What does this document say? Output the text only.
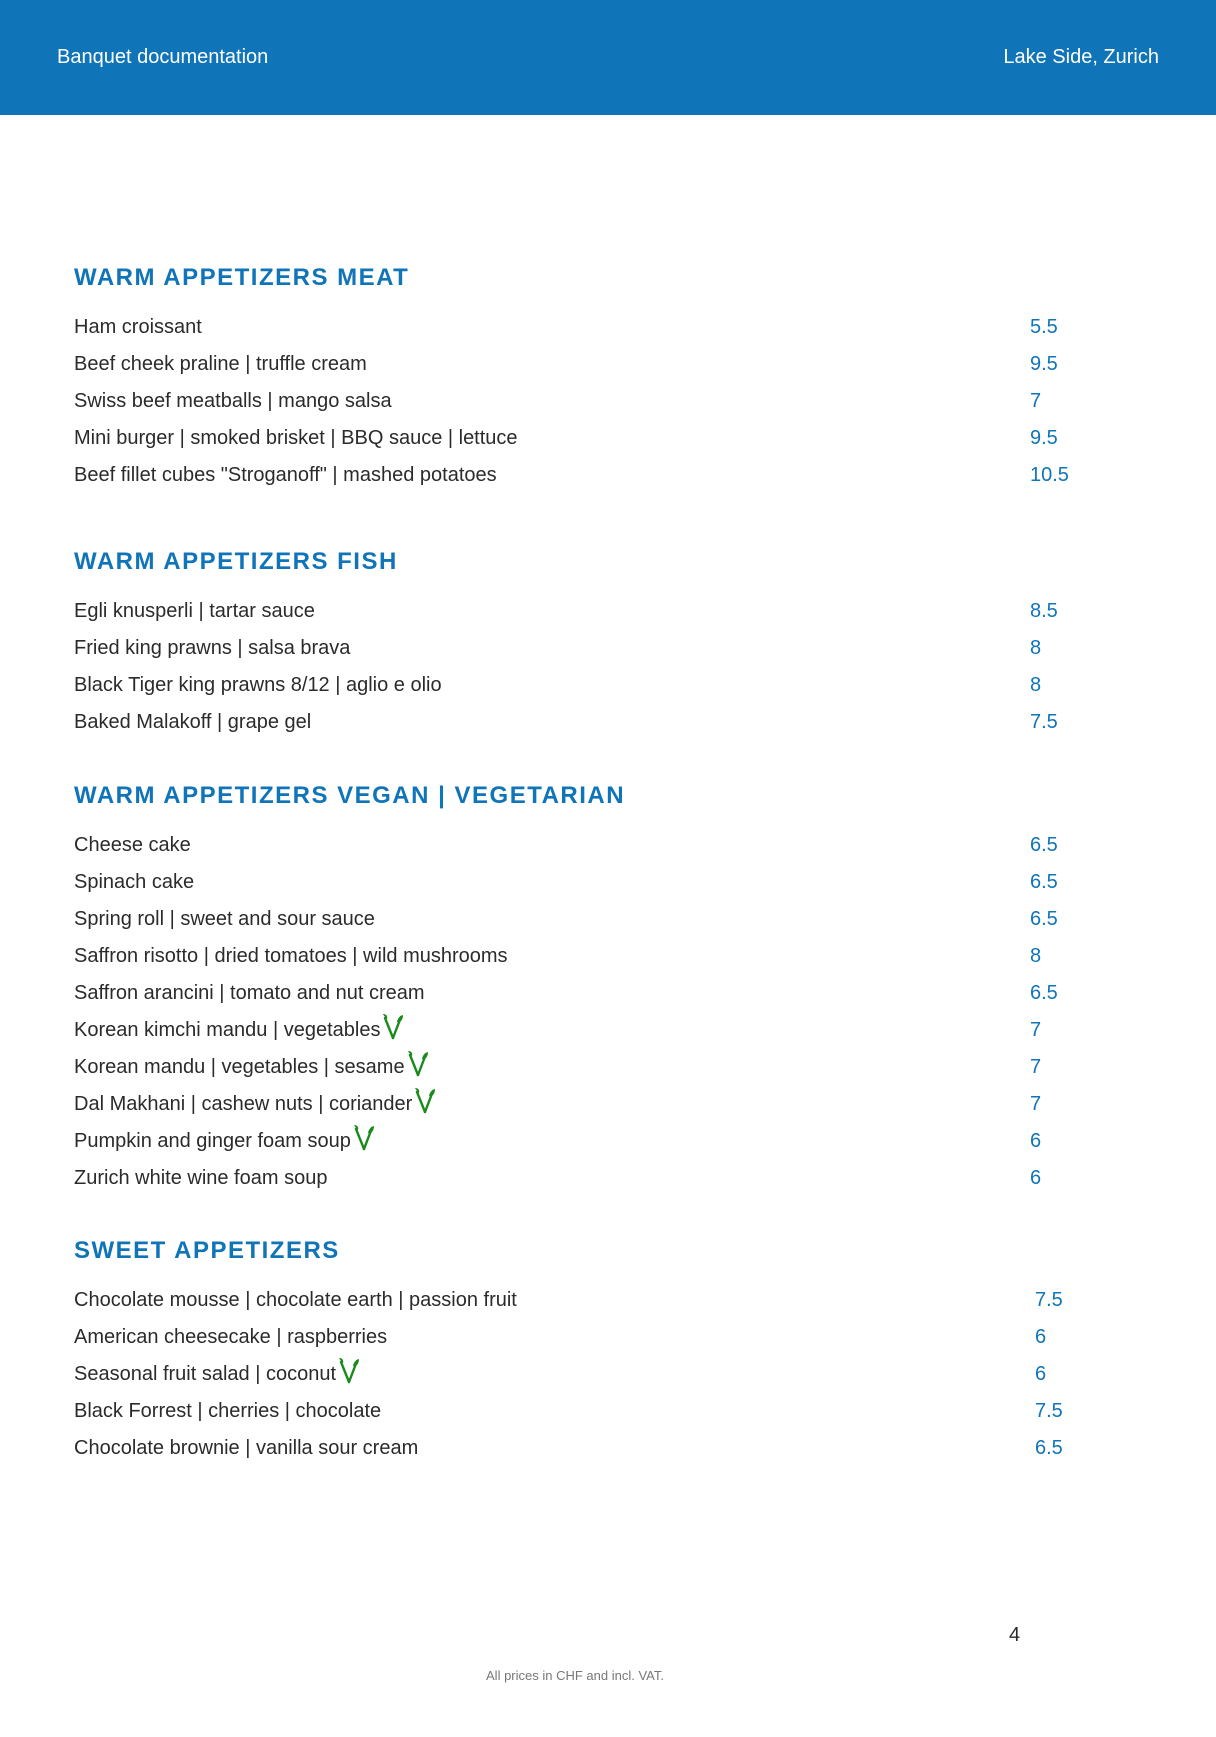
Banquet documentation	Lake Side, Zurich
WARM APPETIZERS MEAT
Ham croissant	5.5
Beef cheek praline | truffle cream	9.5
Swiss beef meatballs | mango salsa	7
Mini burger | smoked brisket | BBQ sauce | lettuce	9.5
Beef fillet cubes "Stroganoff" | mashed potatoes	10.5
WARM APPETIZERS FISH
Egli knusperli | tartar sauce	8.5
Fried king prawns | salsa brava	8
Black Tiger king prawns 8/12 | aglio e olio	8
Baked Malakoff | grape gel	7.5
WARM APPETIZERS VEGAN | VEGETARIAN
Cheese cake	6.5
Spinach cake	6.5
Spring roll | sweet and sour sauce	6.5
Saffron risotto | dried tomatoes | wild mushrooms	8
Saffron arancini | tomato and nut cream	6.5
Korean kimchi mandu | vegetables	7
Korean mandu | vegetables | sesame	7
Dal Makhani | cashew nuts | coriander	7
Pumpkin and ginger foam soup	6
Zurich white wine foam soup	6
SWEET APPETIZERS
Chocolate mousse | chocolate earth | passion fruit	7.5
American cheesecake | raspberries	6
Seasonal fruit salad | coconut	6
Black Forrest | cherries | chocolate	7.5
Chocolate brownie | vanilla sour cream	6.5
4
All prices in CHF and incl. VAT.
